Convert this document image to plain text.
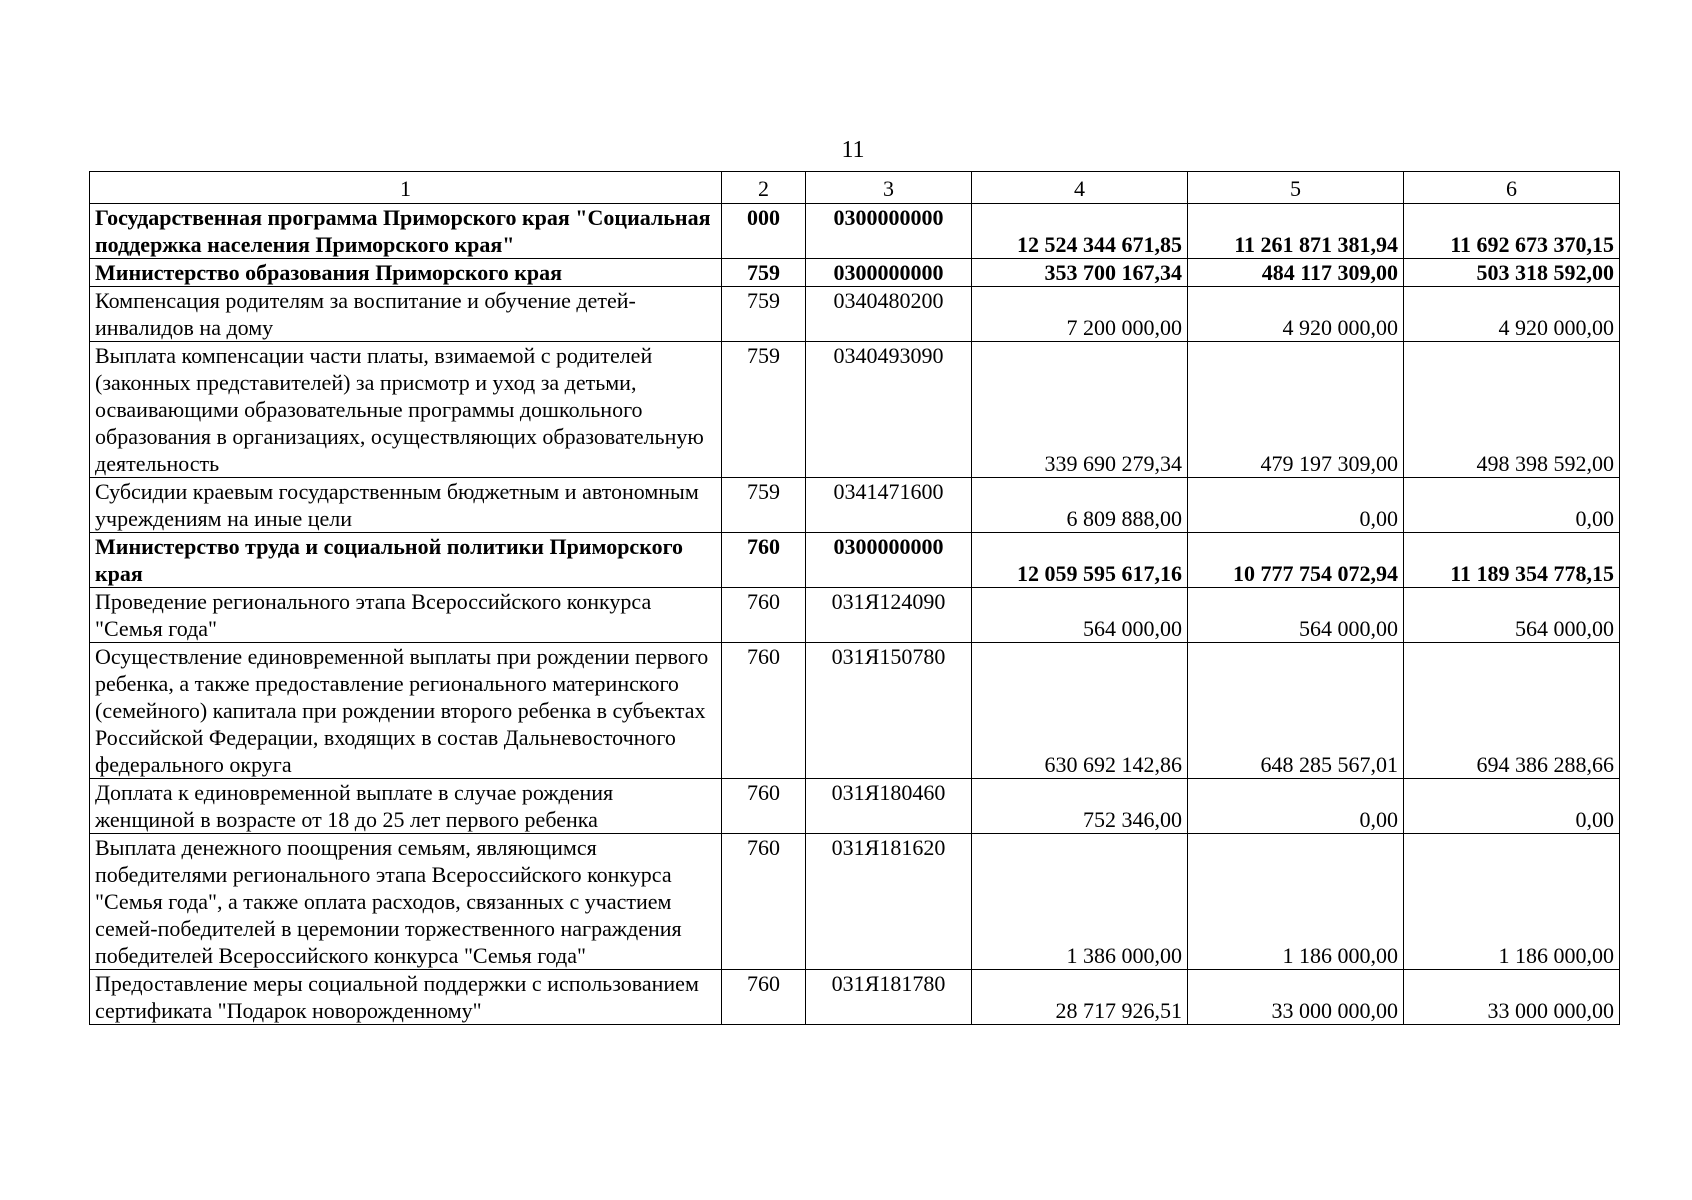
11
1	2	3	4	5	6
Государственная программа Приморского края "Социальная поддержка населения Приморского края"	000	0300000000	12 524 344 671,85	11 261 871 381,94	11 692 673 370,15
Министерство образования Приморского края	759	0300000000	353 700 167,34	484 117 309,00	503 318 592,00
Компенсация родителям за воспитание и обучение детей-инвалидов на дому	759	0340480200	7 200 000,00	4 920 000,00	4 920 000,00
Выплата компенсации части платы, взимаемой с родителей (законных представителей) за присмотр и уход за детьми, осваивающими образовательные программы дошкольного образования в организациях, осуществляющих образовательную деятельность	759	0340493090	339 690 279,34	479 197 309,00	498 398 592,00
Субсидии краевым государственным бюджетным и автономным учреждениям на иные цели	759	0341471600	6 809 888,00	0,00	0,00
Министерство труда и социальной политики Приморского края	760	0300000000	12 059 595 617,16	10 777 754 072,94	11 189 354 778,15
Проведение регионального этапа Всероссийского конкурса "Семья года"	760	031Я124090	564 000,00	564 000,00	564 000,00
Осуществление единовременной выплаты при рождении первого ребенка, а также предоставление регионального материнского (семейного) капитала при рождении второго ребенка в субъектах Российской Федерации, входящих в состав Дальневосточного федерального округа	760	031Я150780	630 692 142,86	648 285 567,01	694 386 288,66
Доплата к единовременной выплате в случае рождения женщиной в возрасте от 18 до 25 лет первого ребенка	760	031Я180460	752 346,00	0,00	0,00
Выплата денежного поощрения семьям, являющимся победителями регионального этапа Всероссийского конкурса "Семья года", а также оплата расходов, связанных с участием семей-победителей в церемонии торжественного награждения победителей Всероссийского конкурса "Семья года"	760	031Я181620	1 386 000,00	1 186 000,00	1 186 000,00
Предоставление меры социальной поддержки с использованием сертификата "Подарок новорожденному"	760	031Я181780	28 717 926,51	33 000 000,00	33 000 000,00
